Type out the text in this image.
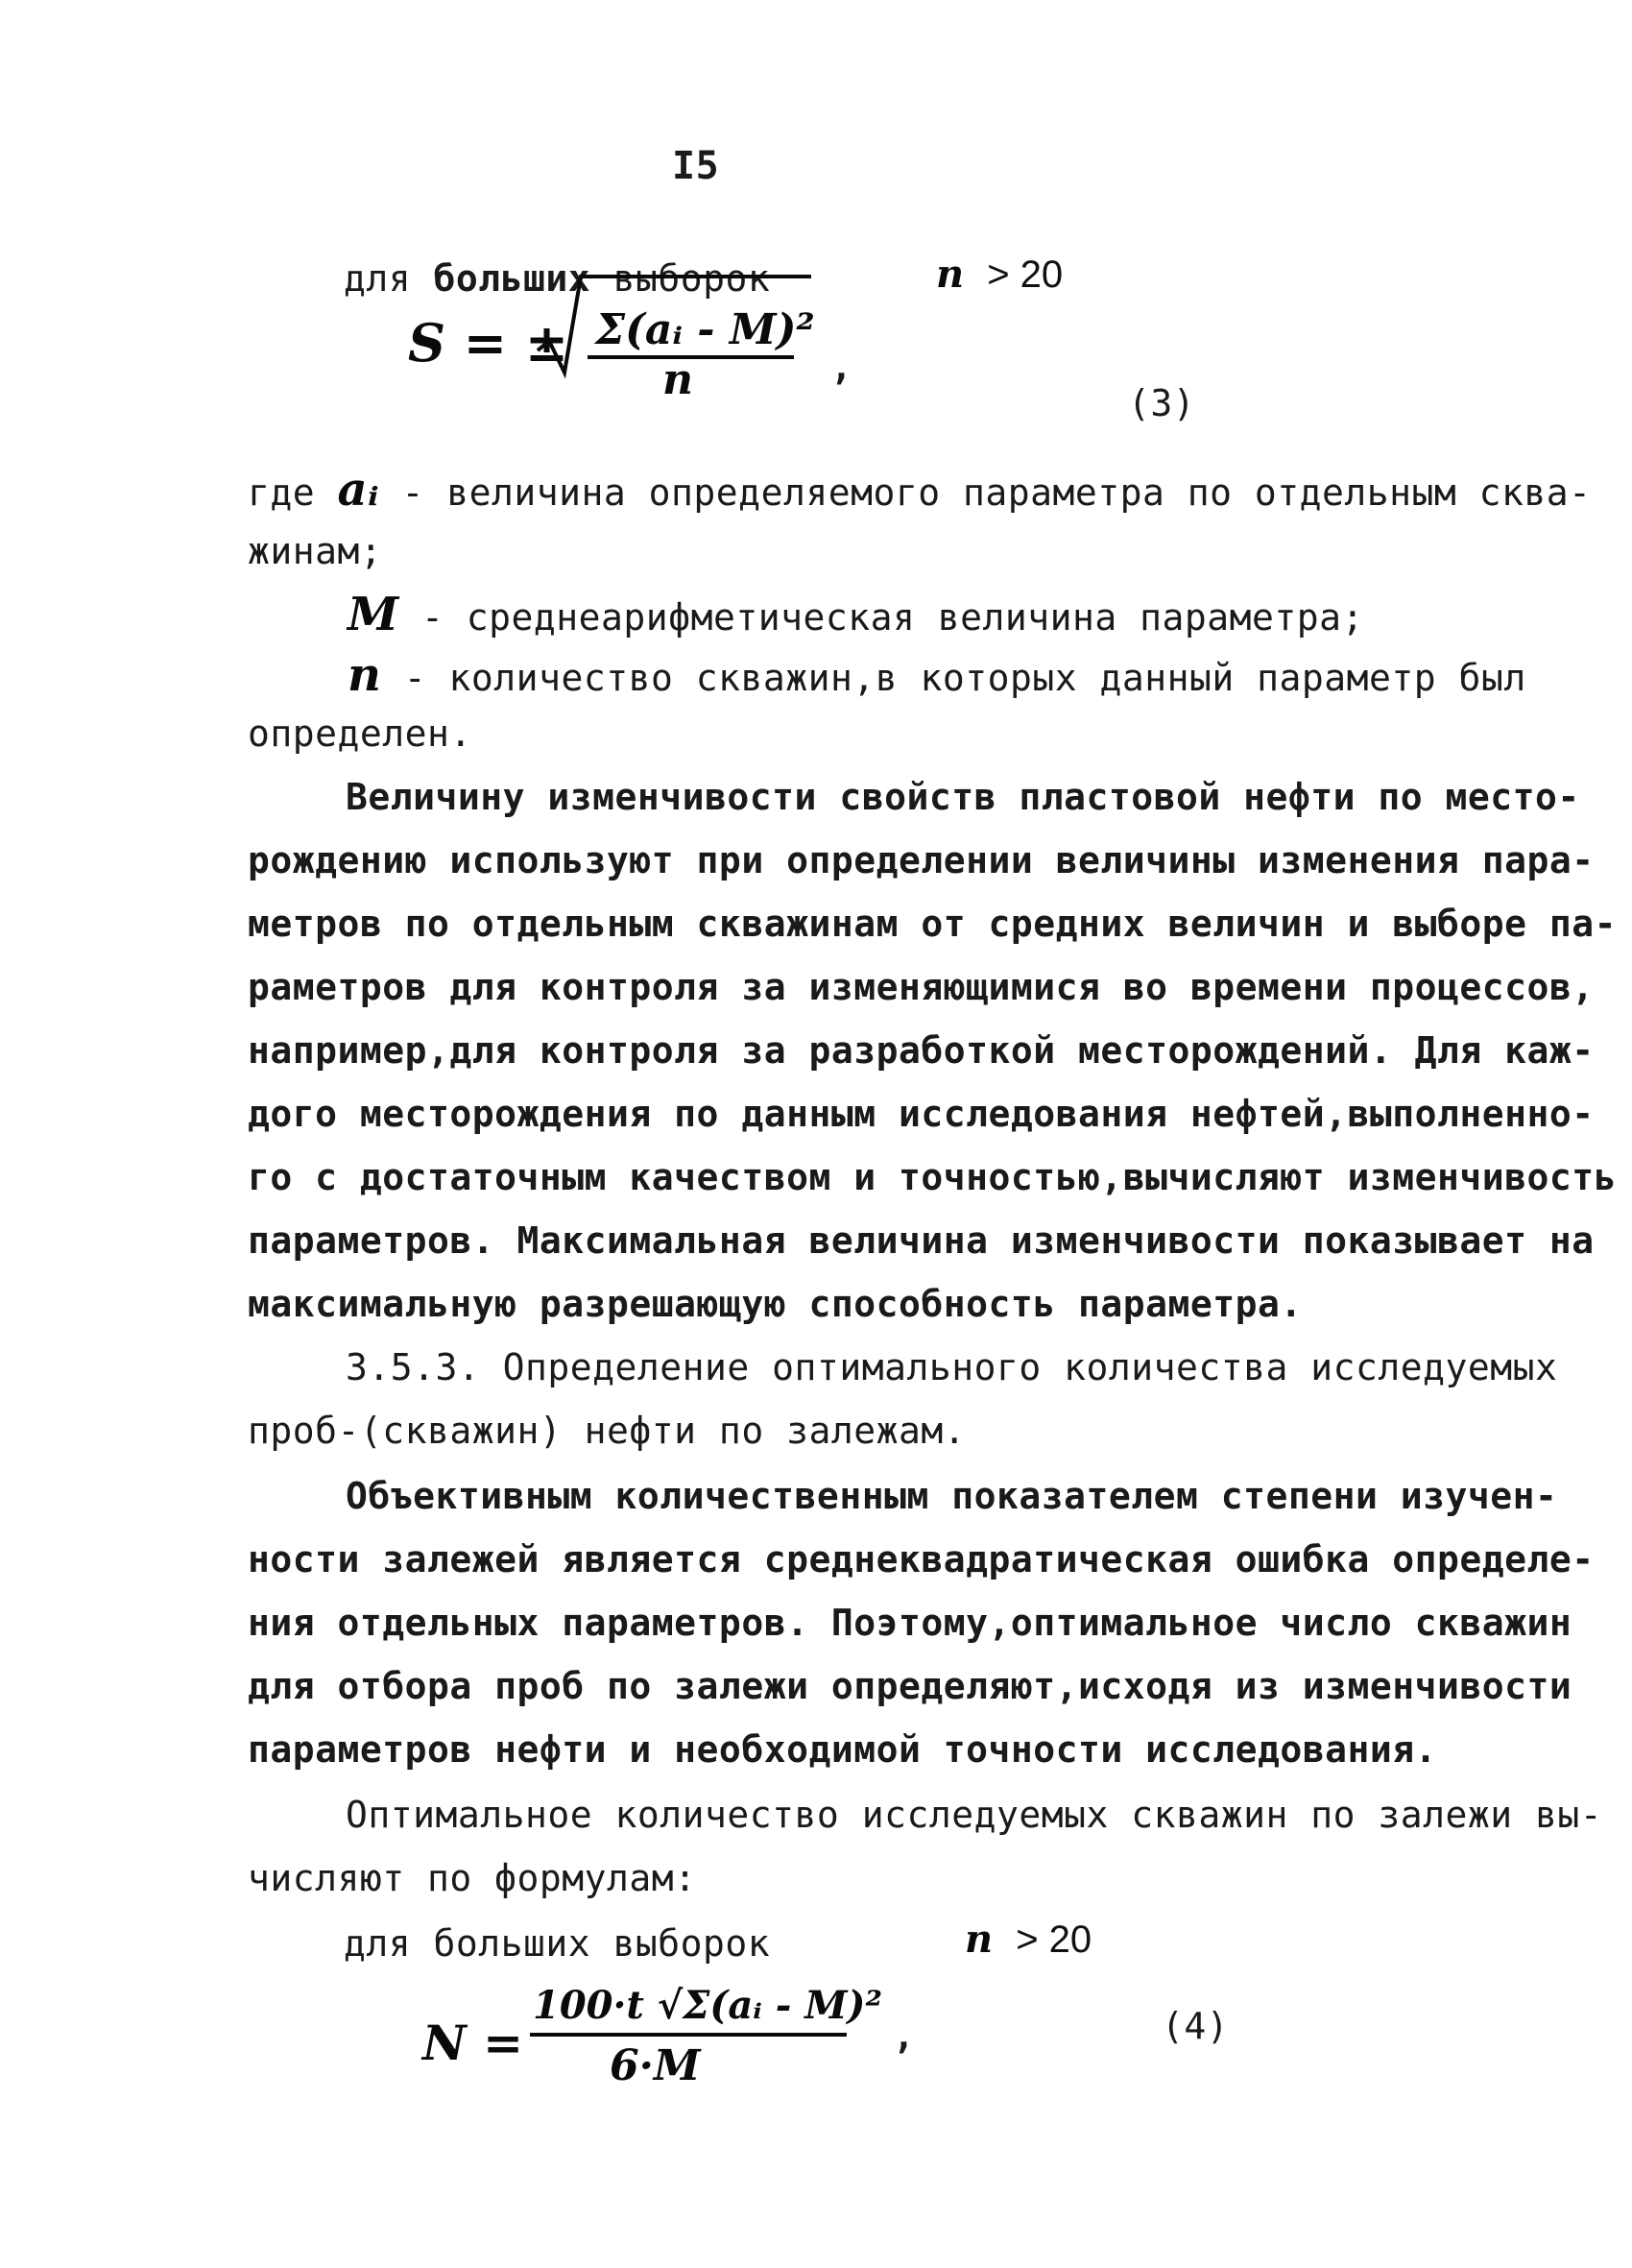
I5
для больших выборок	n > 20
S = ± Σ(aᵢ - M)²
n	,
(3)
где aᵢ - величина определяемого параметра по отдельным сква-
жинам;
M - среднеарифметическая величина параметра;
n - количество скважин,в которых данный параметр был
определен.
Величину изменчивости свойств пластовой нефти по место-
рождению используют при определении величины изменения пара-
метров по отдельным скважинам от средних величин и выборе па-
раметров для контроля за изменяющимися во времени процессов,
например,для контроля за разработкой месторождений. Для каж-
дого месторождения по данным исследования нефтей,выполненно-
го с достаточным качеством и точностью,вычисляют изменчивость
параметров. Максимальная величина изменчивости показывает на
максимальную разрешающую способность параметра.
3.5.3. Определение оптимального количества исследуемых
проб-(скважин) нефти по залежам.
Объективным количественным показателем степени изучен-
ности залежей является среднеквадратическая ошибка определе-
ния отдельных параметров. Поэтому,оптимальное число скважин
для отбора проб по залежи определяют,исходя из изменчивости
параметров нефти и необходимой точности исследования.
Оптимальное количество исследуемых скважин по залежи вы-
числяют по формулам:
для больших выборок	n > 20
N =
100·t √Σ(aᵢ - M)²
6·M
,	(4)
